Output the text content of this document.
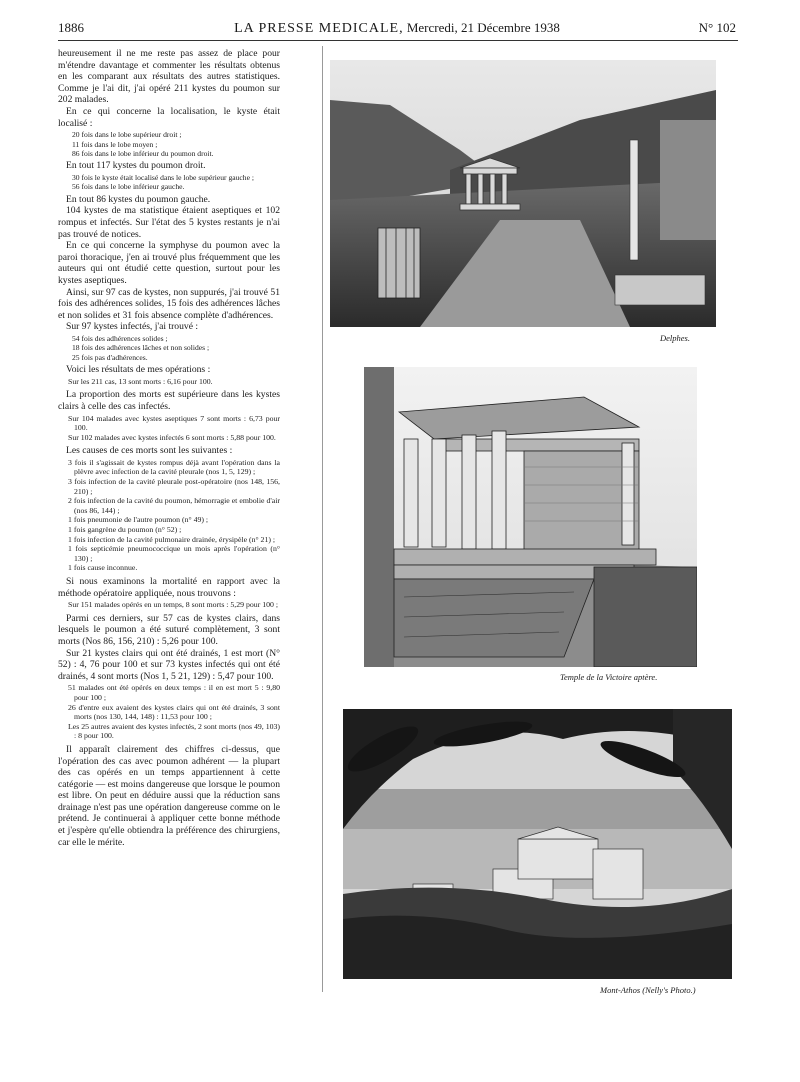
1886	LA PRESSE MEDICALE, Mercredi, 21 Décembre 1938	N° 102

heureusement il ne me reste pas assez de place pour m'étendre davantage et commenter les résultats obtenus en les comparant aux résultats des autres statistiques. Comme je l'ai dit, j'ai opéré 211 kystes du poumon sur 202 malades.

En ce qui concerne la localisation, le kyste était localisé :

20 fois dans le lobe supérieur droit ;
11 fois dans le lobe moyen ;
86 fois dans le lobe inférieur du poumon droit.

En tout 117 kystes du poumon droit.

30 fois le kyste était localisé dans le lobe supérieur gauche ;
56 fois dans le lobe inférieur gauche.

En tout 86 kystes du poumon gauche.

104 kystes de ma statistique étaient aseptiques et 102 rompus et infectés. Sur l'état des 5 kystes restants je n'ai pas trouvé de notices.

En ce qui concerne la symphyse du poumon avec la paroi thoracique, j'en ai trouvé plus fréquemment que les auteurs qui ont étudié cette question, surtout pour les kystes aseptiques.

Ainsi, sur 97 cas de kystes, non suppurés, j'ai trouvé 51 fois des adhérences solides, 15 fois des adhérences lâches et non solides et 31 fois absence complète d'adhérences.

Sur 97 kystes infectés, j'ai trouvé :

54 fois des adhérences solides ;
18 fois des adhérences lâches et non solides ;
25 fois pas d'adhérences.

Voici les résultats de mes opérations :

Sur les 211 cas, 13 sont morts : 6,16 pour 100.

La proportion des morts est supérieure dans les kystes clairs à celle des cas infectés.

Sur 104 malades avec kystes aseptiques 7 sont morts : 6,73 pour 100.
Sur 102 malades avec kystes infectés 6 sont morts : 5,88 pour 100.

Les causes de ces morts sont les suivantes :

3 fois il s'agissait de kystes rompus déjà avant l'opération dans la plèvre avec infection de la cavité pleurale (nos 1, 5, 129) ;
3 fois infection de la cavité pleurale post-opératoire (nos 148, 156, 210) ;
2 fois infection de la cavité du poumon, hémorragie et embolie d'air (nos 86, 144) ;
1 fois pneumonie de l'autre poumon (n° 49) ;
1 fois gangrène du poumon (n° 52) ;
1 fois infection de la cavité pulmonaire drainée, érysipèle (n° 21) ;
1 fois septicémie pneumococcique un mois après l'opération (n° 130) ;
1 fois cause inconnue.

Si nous examinons la mortalité en rapport avec la méthode opératoire appliquée, nous trouvons :

Sur 151 malades opérés en un temps, 8 sont morts : 5,29 pour 100 ;

Parmi ces derniers, sur 57 cas de kystes clairs, dans lesquels le poumon a été suturé complètement, 3 sont morts (Nos 86, 156, 210) : 5,26 pour 100.

Sur 21 kystes clairs qui ont été drainés, 1 est mort (N° 52) : 4, 76 pour 100 et sur 73 kystes infectés qui ont été drainés, 4 sont morts (Nos 1, 5 21, 129) : 5,47 pour 100.

51 malades ont été opérés en deux temps : il en est mort 5 : 9,80 pour 100 ;
26 d'entre eux avaient des kystes clairs qui ont été drainés, 3 sont morts (nos 130, 144, 148) : 11,53 pour 100 ;
Les 25 autres avaient des kystes infectés, 2 sont morts (nos 49, 103) : 8 pour 100.

Il apparaît clairement des chiffres ci-dessus, que l'opération des cas avec poumon adhérent — la plupart des cas opérés en un temps appartiennent à cette catégorie — est moins dangereuse que lorsque le poumon est libre. On peut en déduire aussi que la réduction sans drainage n'est pas une opération dangereuse comme on le prétend. Je continuerai à appliquer cette bonne méthode et j'espère qu'elle obtiendra la préférence des chirurgiens, car elle le mérite.

Delphes.
Temple de la Victoire aptère.
Mont-Athos (Nelly's Photo.)
